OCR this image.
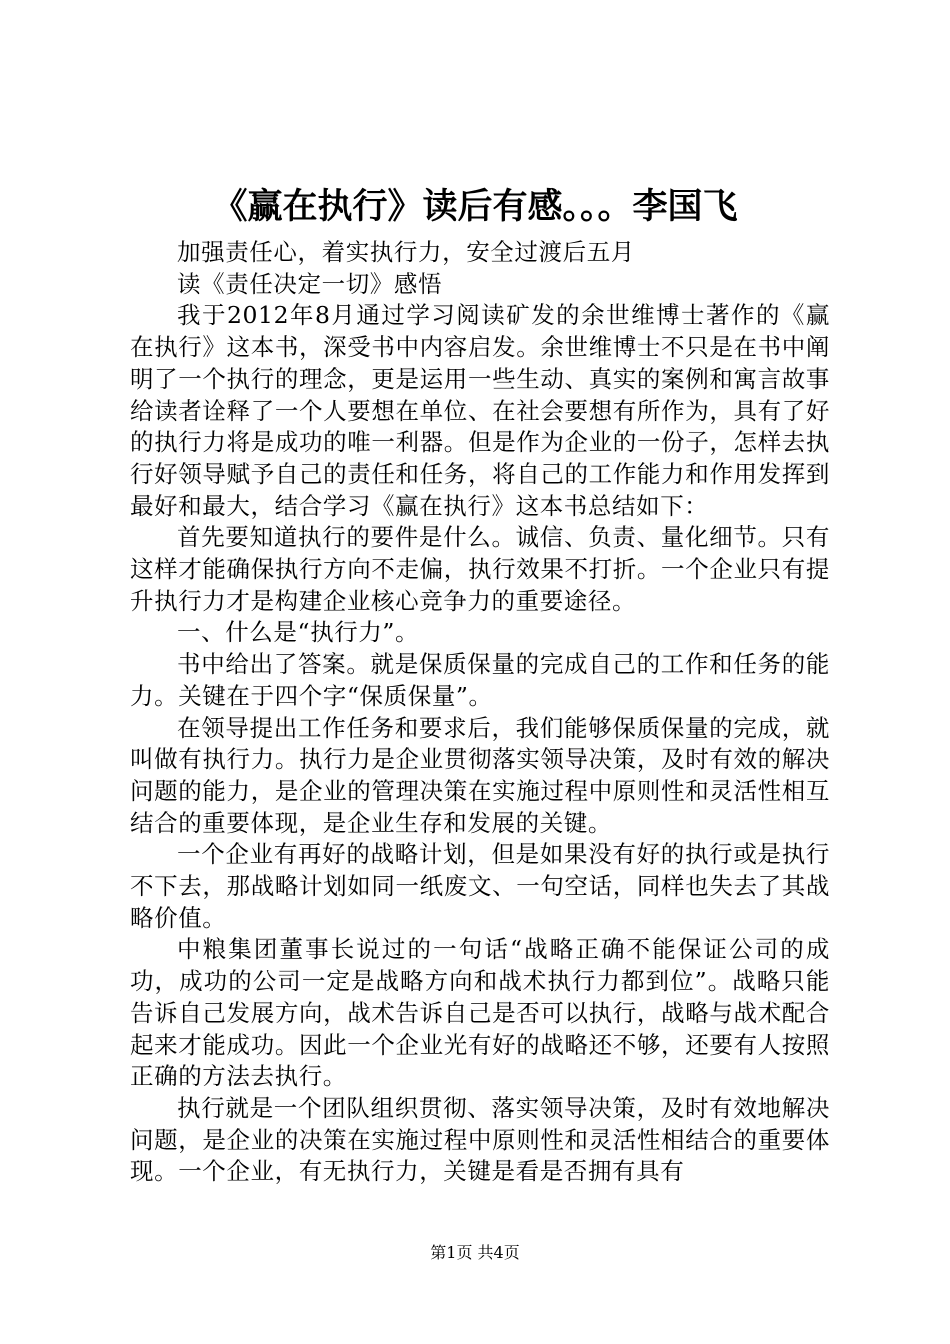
《赢在执行》读后有感。。。李国飞

加强责任心，着实执行力，安全过渡后五月

读《责任决定一切》感悟

我于2012年8月通过学习阅读矿发的余世维博士著作的《赢在执行》这本书，深受书中内容启发。余世维博士不只是在书中阐明了一个执行的理念，更是运用一些生动、真实的案例和寓言故事给读者诠释了一个人要想在单位、在社会要想有所作为，具有了好的执行力将是成功的唯一利器。但是作为企业的一份子，怎样去执行好领导赋予自己的责任和任务，将自己的工作能力和作用发挥到最好和最大，结合学习《赢在执行》这本书总结如下：

首先要知道执行的要件是什么。诚信、负责、量化细节。只有这样才能确保执行方向不走偏，执行效果不打折。一个企业只有提升执行力才是构建企业核心竞争力的重要途径。

一、什么是“执行力”。

书中给出了答案。就是保质保量的完成自己的工作和任务的能力。关键在于四个字“保质保量”。

在领导提出工作任务和要求后，我们能够保质保量的完成，就叫做有执行力。执行力是企业贯彻落实领导决策，及时有效的解决问题的能力，是企业的管理决策在实施过程中原则性和灵活性相互结合的重要体现，是企业生存和发展的关键。

一个企业有再好的战略计划，但是如果没有好的执行或是执行不下去，那战略计划如同一纸废文、一句空话，同样也失去了其战略价值。

中粮集团董事长说过的一句话“战略正确不能保证公司的成功，成功的公司一定是战略方向和战术执行力都到位”。战略只能告诉自己发展方向，战术告诉自己是否可以执行，战略与战术配合起来才能成功。因此一个企业光有好的战略还不够，还要有人按照正确的方法去执行。

执行就是一个团队组织贯彻、落实领导决策，及时有效地解决问题，是企业的决策在实施过程中原则性和灵活性相结合的重要体现。一个企业，有无执行力，关键是看是否拥有具有

第1页 共4页
